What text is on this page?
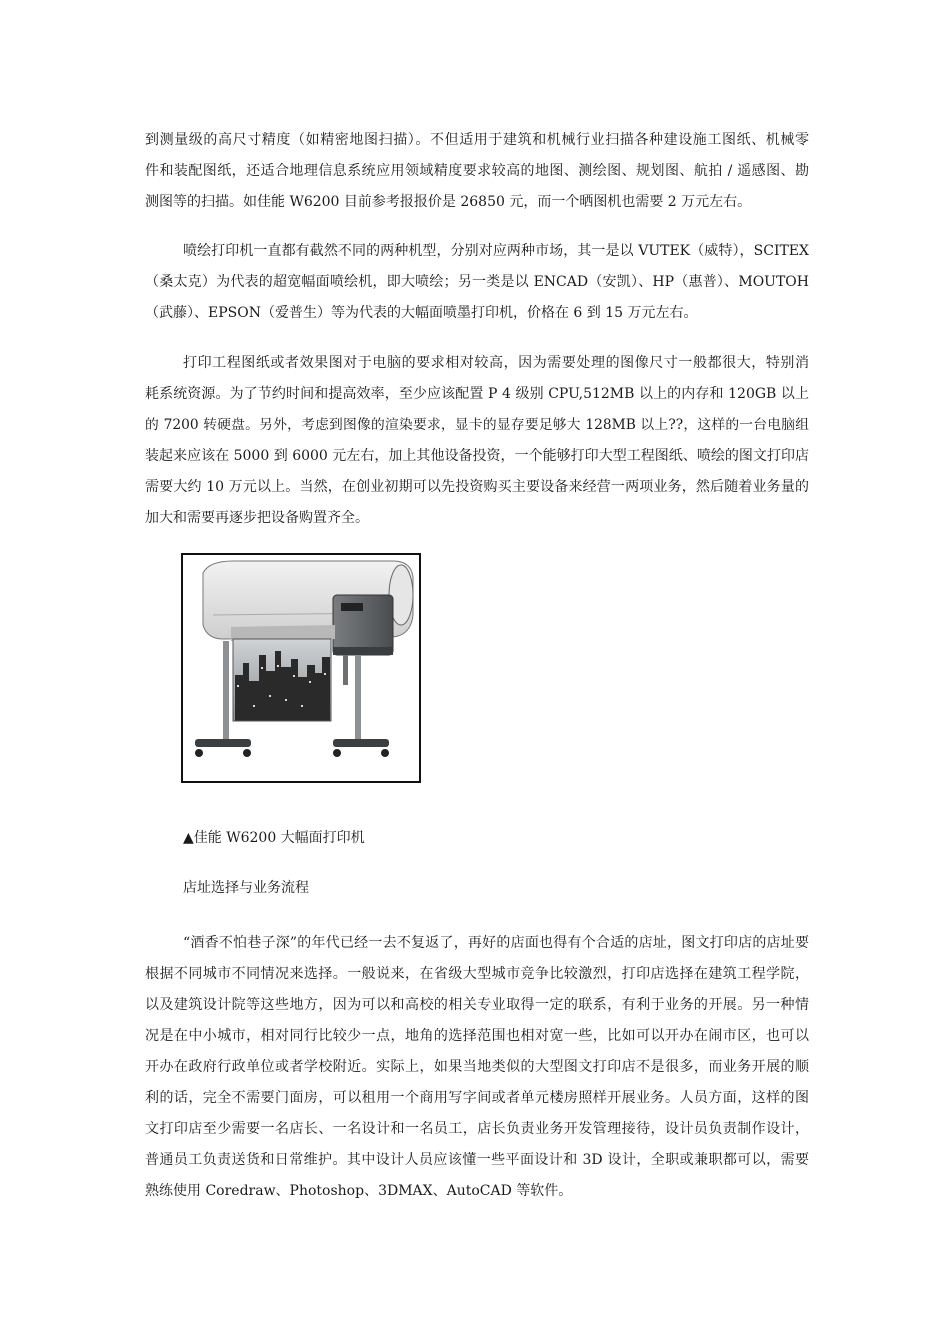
到测量级的高尺寸精度（如精密地图扫描）。不但适用于建筑和机械行业扫描各种建设施工图纸、机械零
件和装配图纸，还适合地理信息系统应用领域精度要求较高的地图、测绘图、规划图、航拍 / 遥感图、勘
测图等的扫描。如佳能 W6200 目前参考报报价是 26850 元，而一个晒图机也需要 2 万元左右。
喷绘打印机一直都有截然不同的两种机型，分别对应两种市场，其一是以 VUTEK（威特），SCITEX
（桑太克）为代表的超宽幅面喷绘机，即大喷绘；另一类是以 ENCAD（安凯）、HP（惠普）、MOUTOH
（武藤）、EPSON（爱普生）等为代表的大幅面喷墨打印机，价格在 6 到 15 万元左右。
打印工程图纸或者效果图对于电脑的要求相对较高，因为需要处理的图像尺寸一般都很大，特别消
耗系统资源。为了节约时间和提高效率，至少应该配置 P 4 级别 CPU,512MB 以上的内存和 120GB 以上
的 7200 转硬盘。另外，考虑到图像的渲染要求，显卡的显存要足够大 128MB 以上??，这样的一台电脑组
装起来应该在 5000 到 6000 元左右，加上其他设备投资，一个能够打印大型工程图纸、喷绘的图文打印店
需要大约 10 万元以上。当然，在创业初期可以先投资购买主要设备来经营一两项业务，然后随着业务量的
加大和需要再逐步把设备购置齐全。
▲佳能 W6200 大幅面打印机
店址选择与业务流程
“酒香不怕巷子深”的年代已经一去不复返了，再好的店面也得有个合适的店址，图文打印店的店址要
根据不同城市不同情况来选择。一般说来，在省级大型城市竞争比较激烈，打印店选择在建筑工程学院，
以及建筑设计院等这些地方，因为可以和高校的相关专业取得一定的联系，有利于业务的开展。另一种情
况是在中小城市，相对同行比较少一点，地角的选择范围也相对宽一些，比如可以开办在闹市区，也可以
开办在政府行政单位或者学校附近。实际上，如果当地类似的大型图文打印店不是很多，而业务开展的顺
利的话，完全不需要门面房，可以租用一个商用写字间或者单元楼房照样开展业务。人员方面，这样的图
文打印店至少需要一名店长、一名设计和一名员工，店长负责业务开发管理接待，设计员负责制作设计，
普通员工负责送货和日常维护。其中设计人员应该懂一些平面设计和 3D 设计，全职或兼职都可以，需要
熟练使用 Coredraw、Photoshop、3DMAX、AutoCAD 等软件。
